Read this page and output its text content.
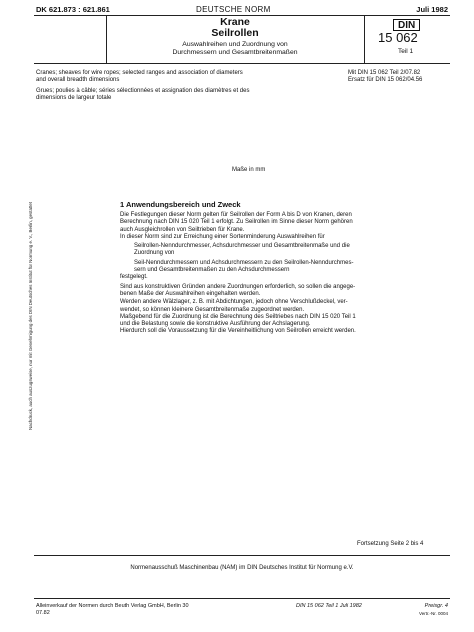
DK 621.873 : 621.861	DEUTSCHE NORM	Juli 1982
Krane
Seilrollen
Auswahlreihen und Zuordnung von
Durchmessern und Gesamtbreitenmaßen
DIN
15 062
Teil 1
Cranes; sheaves for wire ropes; selected ranges and association of diameters
and overall breadth dimensions
Grues; poulies à câble; séries sélectionnées et assignation des diamètres et des
dimensions de largeur totale
Mit DIN 15 062 Teil 2/07.82
Ersatz für DIN 15 062/04.56
Maße in mm
1 Anwendungsbereich und Zweck
Die Festlegungen dieser Norm gelten für Seilrollen der Form A bis D von Kranen, deren
Berechnung nach DIN 15 020 Teil 1 erfolgt. Zu Seilrollen im Sinne dieser Norm gehören
auch Ausgleichrollen von Seiltrieben für Krane.
In dieser Norm sind zur Erreichung einer Sortenminderung Auswahlreihen für
Seilrollen-Nenndurchmesser, Achsdurchmesser und Gesamtbreitenmaße und die
Zuordnung von
Seil-Nenndurchmessern und Achsdurchmessern zu den Seilrollen-Nenndurchmes-
sern und Gesamtbreitenmaßen zu den Achsdurchmessern
festgelegt.
Sind aus konstruktiven Gründen andere Zuordnungen erforderlich, so sollen die angege-
benen Maße der Auswahlreihen eingehalten werden.
Werden andere Wälzlager, z. B. mit Abdichtungen, jedoch ohne Verschlußdeckel, ver-
wendet, so können kleinere Gesamtbreitenmaße zugeordnet werden.
Maßgebend für die Zuordnung ist die Berechnung des Seiltriebes nach DIN 15 020 Teil 1
und die Belastung sowie die konstruktive Ausführung der Achslagerung.
Hierdurch soll die Voraussetzung für die Vereinheitlichung von Seilrollen erreicht werden.
Nachdruck, auch auszugsweise, nur mit Genehmigung des DIN Deutsches Institut für Normung e. V., Berlin, gestattet
Fortsetzung Seite 2 bis 4
Normenausschuß Maschinenbau (NAM) im DIN Deutsches Institut für Normung e.V.
Alleinverkauf der Normen durch Beuth Verlag GmbH, Berlin 30
07.82
DIN 15 062 Teil 1 Juli 1982	Preisgr. 4
Vertr.-Nr. 0004
